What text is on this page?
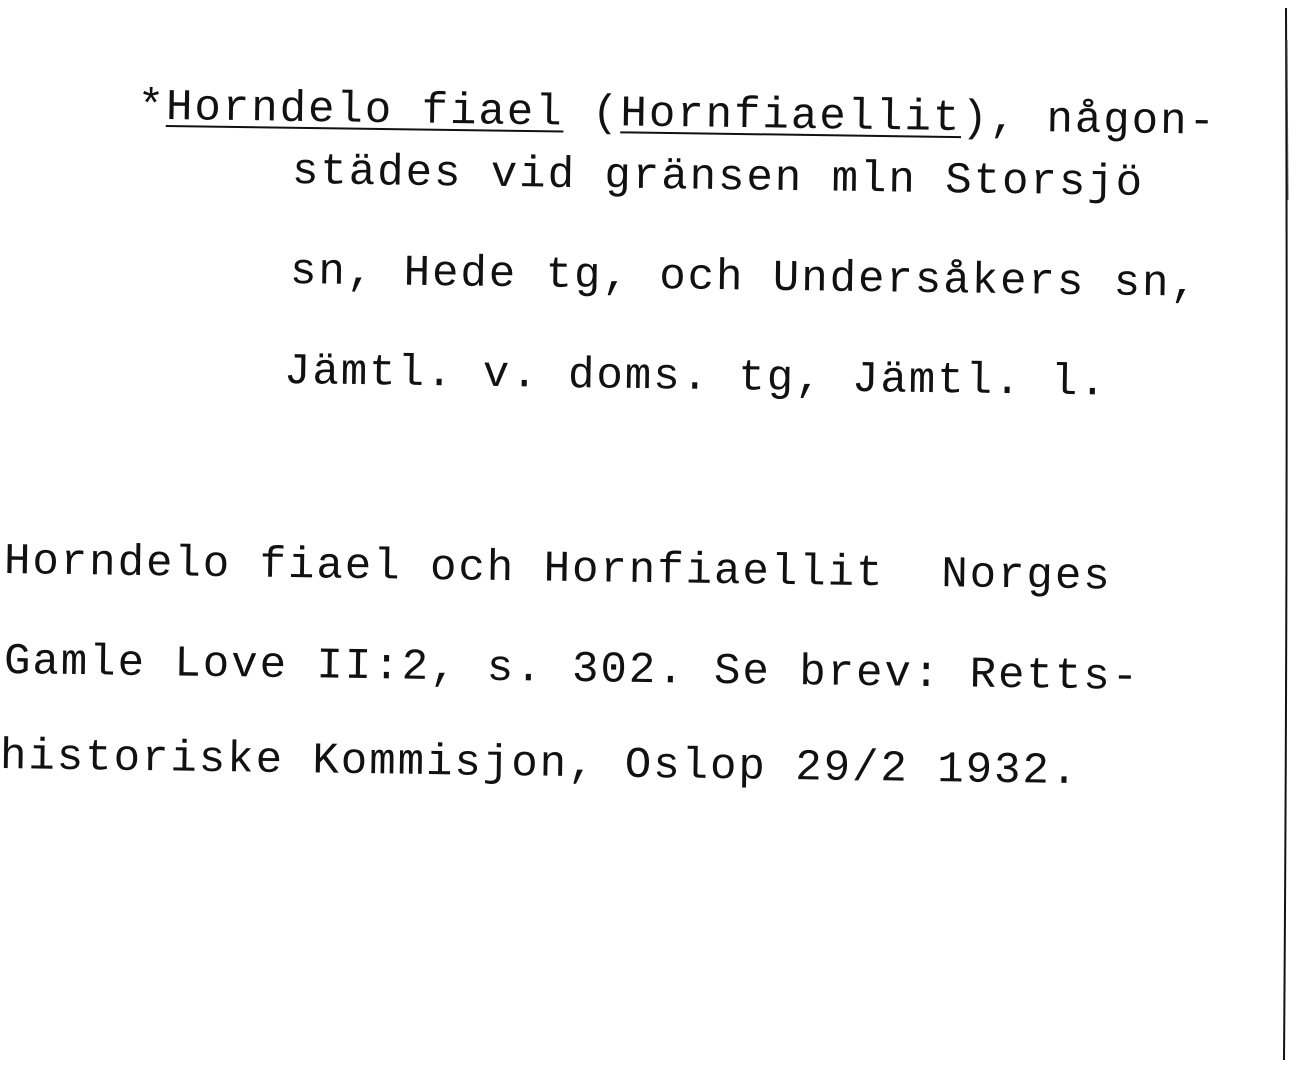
*Horndelo fiael (Hornfiaellit), någon-

städes vid gränsen mln Storsjö
sn, Hede tg, och Undersåkers sn,
Jämtl. v. doms. tg, Jämtl. l.
Horndelo fiael och Hornfiaellit  Norges
Gamle Love II:2, s. 302. Se brev: Retts-
historiske Kommisjon, Oslop 29/2 1932.
